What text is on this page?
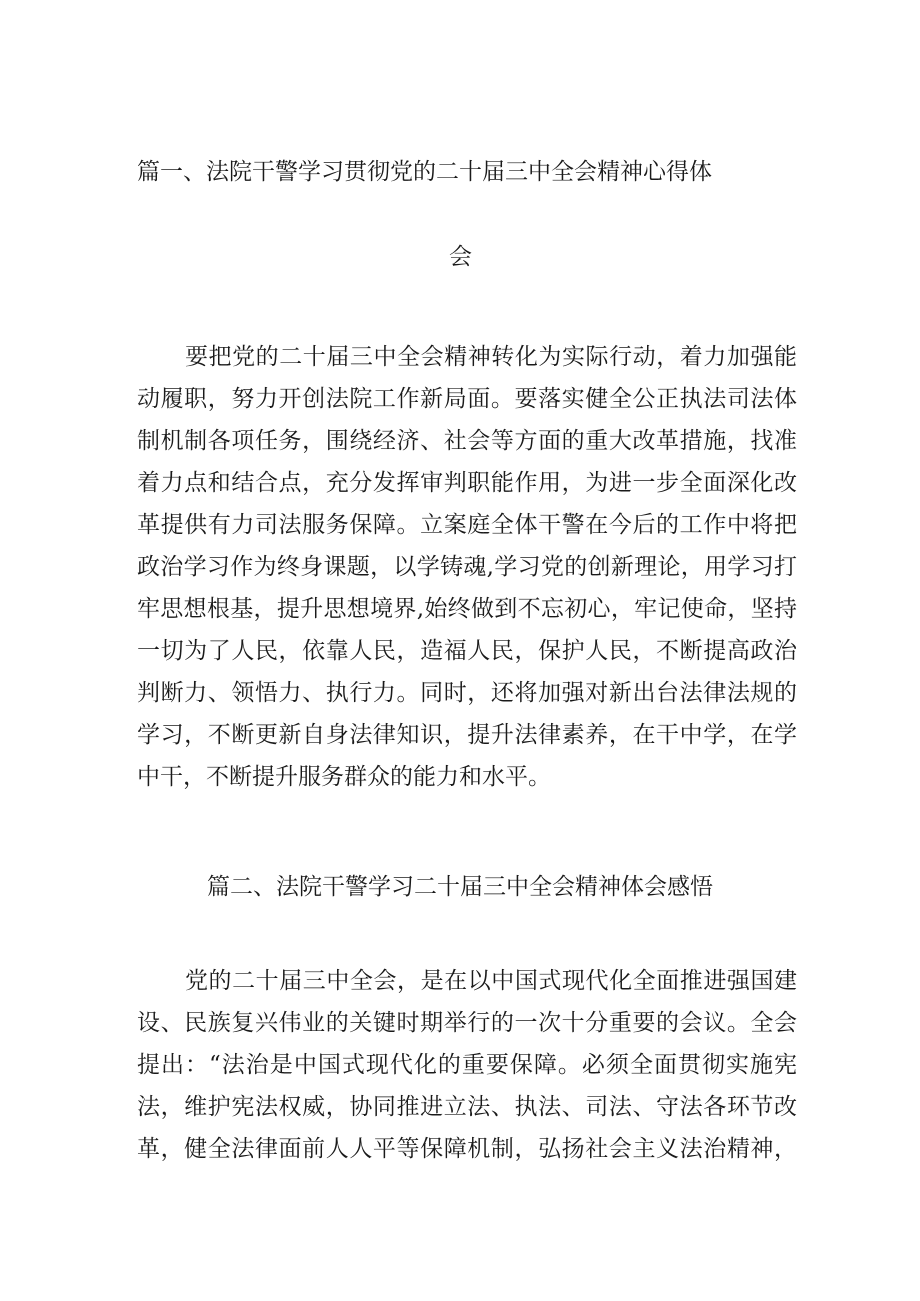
篇一、法院干警学习贯彻党的二十届三中全会精神心得体
会
要把党的二十届三中全会精神转化为实际行动，着力加强能
动履职，努力开创法院工作新局面。要落实健全公正执法司法体
制机制各项任务，围绕经济、社会等方面的重大改革措施，找准
着力点和结合点，充分发挥审判职能作用，为进一步全面深化改
革提供有力司法服务保障。立案庭全体干警在今后的工作中将把
政治学习作为终身课题，以学铸魂,学习党的创新理论，用学习打
牢思想根基，提升思想境界,始终做到不忘初心，牢记使命，坚持
一切为了人民，依靠人民，造福人民，保护人民，不断提高政治
判断力、领悟力、执行力。同时，还将加强对新出台法律法规的
学习，不断更新自身法律知识，提升法律素养，在干中学，在学
中干，不断提升服务群众的能力和水平。
篇二、法院干警学习二十届三中全会精神体会感悟
党的二十届三中全会，是在以中国式现代化全面推进强国建
设、民族复兴伟业的关键时期举行的一次十分重要的会议。全会
提出：“法治是中国式现代化的重要保障。必须全面贯彻实施宪
法，维护宪法权威，协同推进立法、执法、司法、守法各环节改
革，健全法律面前人人平等保障机制，弘扬社会主义法治精神，
